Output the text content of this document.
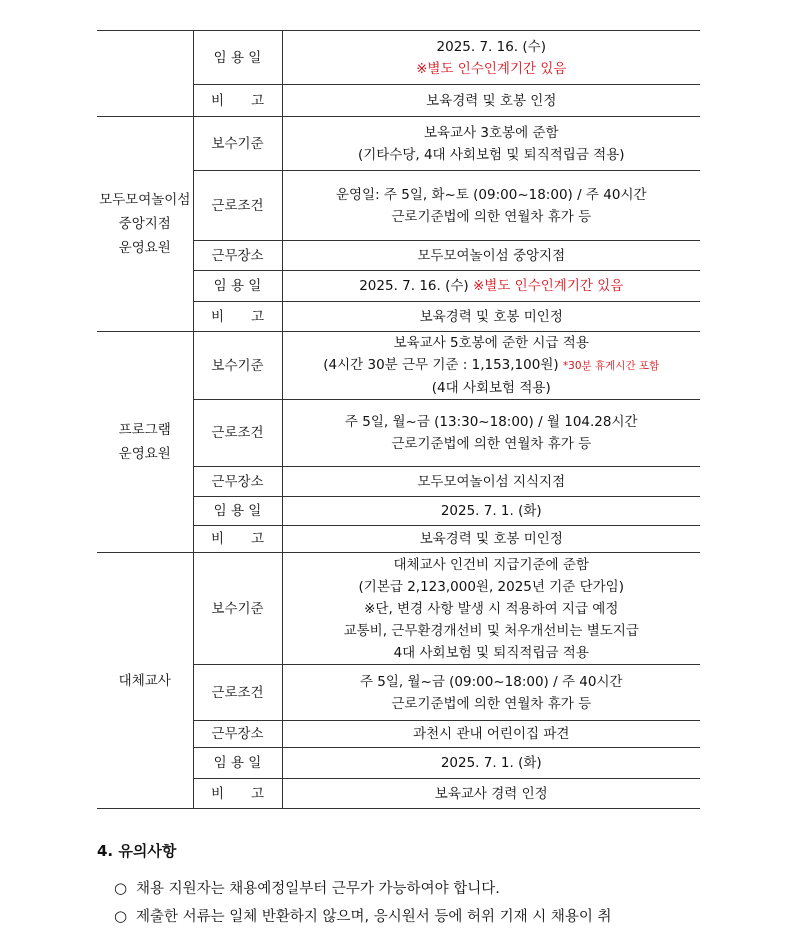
	임 용 일	2025. 7. 16. (수)
※별도 인수인계기간 있음

	비　　고	보육경력 및 호봉 인정

모두모여놀이섬
중앙지점
운영요원	보수기준	보육교사 3호봉에 준함
(기타수당, 4대 사회보험 및 퇴직적립금 적용)

	근로조건	운영일: 주 5일, 화~토 (09:00~18:00) / 주 40시간
근로기준법에 의한 연월차 휴가 등

	근무장소	모두모여놀이섬 중앙지점
	임 용 일	2025. 7. 16. (수) ※별도 인수인계기간 있음
	비　　고	보육경력 및 호봉 미인정

프로그램
운영요원	보수기준	보육교사 5호봉에 준한 시급 적용
(4시간 30분 근무 기준 : 1,153,100원) *30분 휴게시간 포함
(4대 사회보험 적용)

	근로조건	주 5일, 월~금 (13:30~18:00) / 월 104.28시간
근로기준법에 의한 연월차 휴가 등

	근무장소	모두모여놀이섬 지식지점
	임 용 일	2025. 7. 1. (화)
	비　　고	보육경력 및 호봉 미인정

대체교사	보수기준	대체교사 인건비 지급기준에 준함
(기본급 2,123,000원, 2025년 기준 단가임)
※단, 변경 사항 발생 시 적용하여 지급 예정
교통비, 근무환경개선비 및 처우개선비는 별도지급
4대 사회보험 및 퇴직적립금 적용

	근로조건	주 5일, 월~금 (09:00~18:00) / 주 40시간
근로기준법에 의한 연월차 휴가 등

	근무장소	과천시 관내 어린이집 파견
	임 용 일	2025. 7. 1. (화)
	비　　고	보육교사 경력 인정
4. 유의사항
○ 채용 지원자는 채용예정일부터 근무가 가능하여야 합니다.
○ 제출한 서류는 일체 반환하지 않으며, 응시원서 등에 허위 기재 시 채용이 취
